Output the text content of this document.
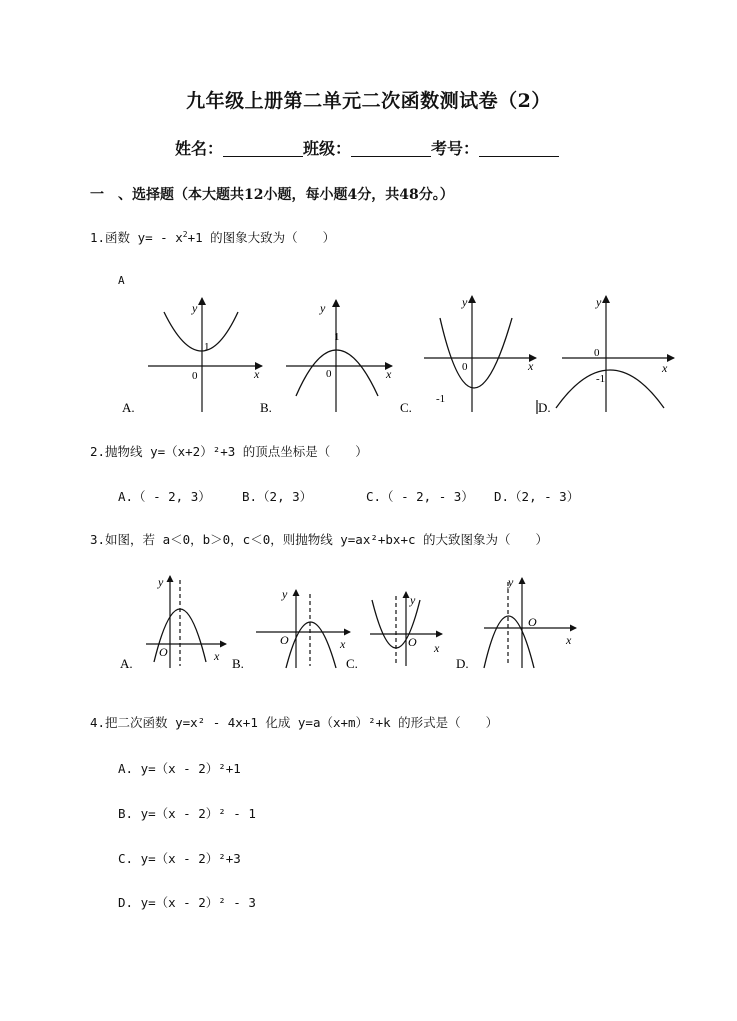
九年级上册第二单元二次函数测试卷（2）
姓名：	班级：	考号：
一　、选择题（本大题共12小题，每小题4分，共48分。）
1.函数 $y= - x^2+1$ 的图象大致为（　　）
A
y
x
0
1
A.
y
x
0
1
B.
y
x
0
-1
C.
y
x
0
-1
D.
2.抛物线 y=（x+2）²+3 的顶点坐标是（　　）
A.（ - 2, 3）	B.（2, 3）	C.（ - 2, - 3） D.（2, - 3）
3.如图，若 a＜0，b＞0，c＜0，则抛物线 y=ax²+bx+c 的大致图象为（　　）
y
x
O
A.
y
x
O
B.
y
x
O
C.
y
x
O
D.
4.把二次函数 y=x² - 4x+1 化成 y=a（x+m）²+k 的形式是（　　）
A. y=（x - 2）²+1
B. y=（x - 2）² - 1
C. y=（x - 2）²+3
D. y=（x - 2）² - 3
